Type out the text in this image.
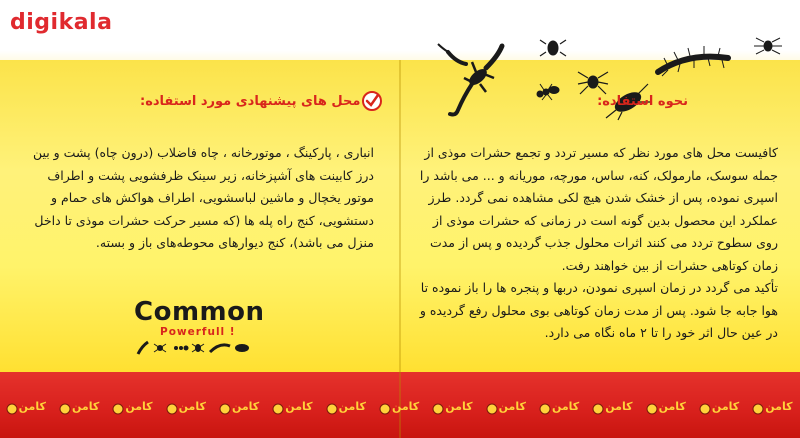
digikala
محل های پیشنهادی مورد استفاده:

انباری ، پارکینگ ، موتورخانه ، چاه فاضلاب (درون چاه) پشت و بین درز کابینت های آشپزخانه، زیر سینک ظرفشویی پشت و اطراف موتور یخچال و ماشین لباسشویی، اطراف هواکش های حمام و دستشویی، کنج راه پله ها (که مسیر حرکت حشرات موذی تا داخل منزل می باشد)، کنج دیوارهای محوطه‌های باز و بسته.

Common
Powerfull !
نحوه استفاده:

کافیست محل های مورد نظر که مسیر تردد و تجمع حشرات موذی از جمله سوسک، مارمولک، کنه، ساس، مورچه، موریانه و ... می باشد را اسپری نموده، پس از خشک شدن هیچ لکی مشاهده نمی گردد. طرز عملکرد این محصول بدین گونه است در زمانی که حشرات موذی از روی سطوح تردد می کنند اثرات محلول جذب گردیده و پس از مدت زمان کوتاهی حشرات از بین خواهند رفت.

تأکید می گردد در زمان اسپری نمودن، دربها و پنجره ها را باز نموده تا هوا جابه جا شود. پس از مدت زمان کوتاهی بوی محلول رفع گردیده و در عین حال اثر خود را تا ۲ ماه نگاه می دارد.

کامن کامن کامن کامن کامن کامن کامن کامن کامن کامن کامن کامن کامن کامن کامن
